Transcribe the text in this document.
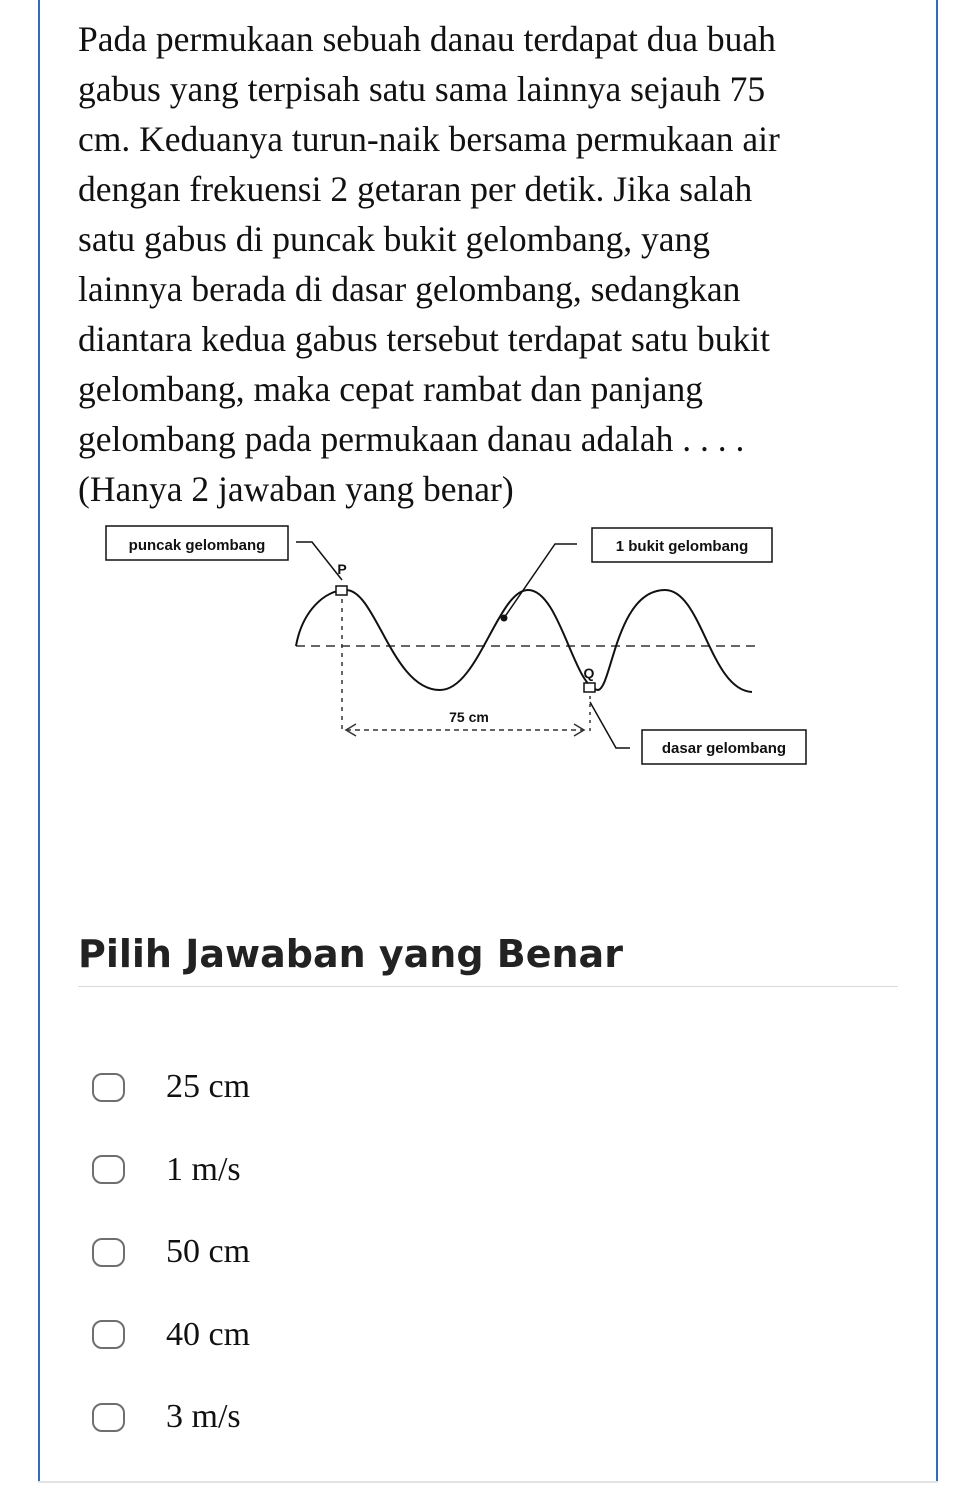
Pada permukaan sebuah danau terdapat dua buah

gabus yang terpisah satu sama lainnya sejauh 75

cm. Keduanya turun-naik bersama permukaan air

dengan frekuensi 2 getaran per detik. Jika salah

satu gabus di puncak bukit gelombang, yang

lainnya berada di dasar gelombang, sedangkan

diantara kedua gabus tersebut terdapat satu bukit

gelombang, maka cepat rambat dan panjang

gelombang pada permukaan danau adalah . . . .

(Hanya 2 jawaban yang benar)

puncak gelombang	1 bukit gelombang
dasar gelombang
P
Q
75 cm
Pilih Jawaban yang Benar
25 cm
1 m/s
50 cm
40 cm
3 m/s
